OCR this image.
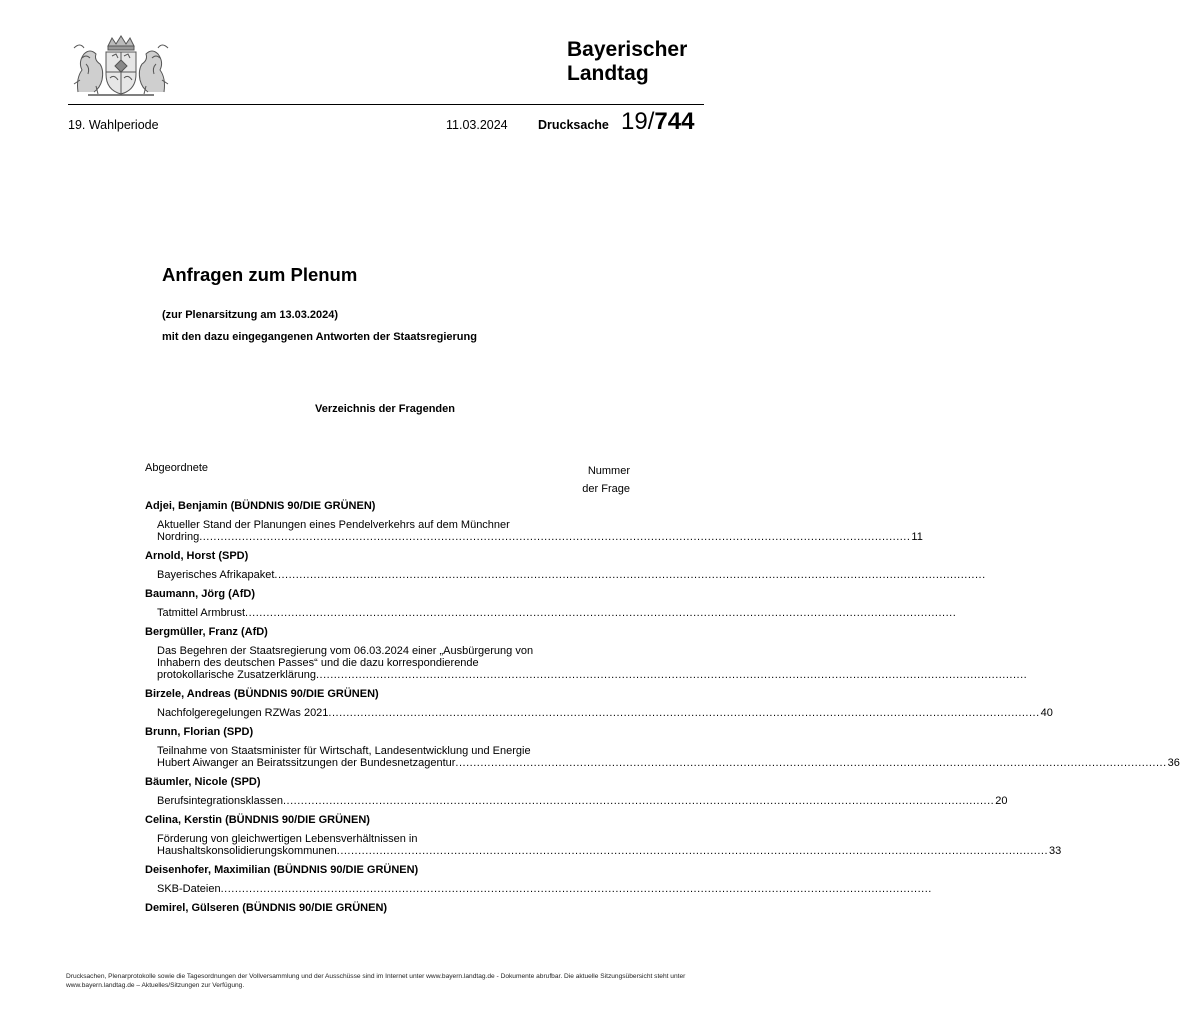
Bayerischer
Landtag
19. Wahlperiode	11.03.2024 Drucksache 19/744
Anfragen zum Plenum
(zur Plenarsitzung am 13.03.2024)
mit den dazu eingegangenen Antworten der Staatsregierung
Verzeichnis der Fragenden
Abgeordnete	Nummer
der Frage
Adjei, Benjamin (BÜNDNIS 90/DIE GRÜNEN)
Aktueller Stand der Planungen eines Pendelverkehrs auf dem Münchner
Nordring ........................................................................................................................................................................................................ 11
Arnold, Horst (SPD)
Bayerisches Afrikapaket ........................................................................................................................................................................................................
Baumann, Jörg (AfD)
Tatmittel Armbrust ........................................................................................................................................................................................................
Bergmüller, Franz (AfD)
Das Begehren der Staatsregierung vom 06.03.2024 einer „Ausbürgerung von
Inhabern des deutschen Passes“ und die dazu korrespondierende
protokollarische Zusatzerklärung ........................................................................................................................................................................................................
Birzele, Andreas (BÜNDNIS 90/DIE GRÜNEN)
Nachfolgeregelungen RZWas 2021 ........................................................................................................................................................................................................ 40
Brunn, Florian (SPD)
Teilnahme von Staatsminister für Wirtschaft, Landesentwicklung und Energie
Hubert Aiwanger an Beiratssitzungen der Bundesnetzagentur ........................................................................................................................................................................................................ 36
Bäumler, Nicole (SPD)
Berufsintegrationsklassen ........................................................................................................................................................................................................ 20
Celina, Kerstin (BÜNDNIS 90/DIE GRÜNEN)
Förderung von gleichwertigen Lebensverhältnissen in
Haushaltskonsolidierungskommunen ........................................................................................................................................................................................................ 33
Deisenhofer, Maximilian (BÜNDNIS 90/DIE GRÜNEN)
SKB-Dateien ........................................................................................................................................................................................................
Demirel, Gülseren (BÜNDNIS 90/DIE GRÜNEN)
Drucksachen, Plenarprotokolle sowie die Tagesordnungen der Vollversammlung und der Ausschüsse sind im Internet unter www.bayern.landtag.de - Dokumente abrufbar. Die aktuelle Sitzungsübersicht steht unter www.bayern.landtag.de – Aktuelles/Sitzungen zur Verfügung.
